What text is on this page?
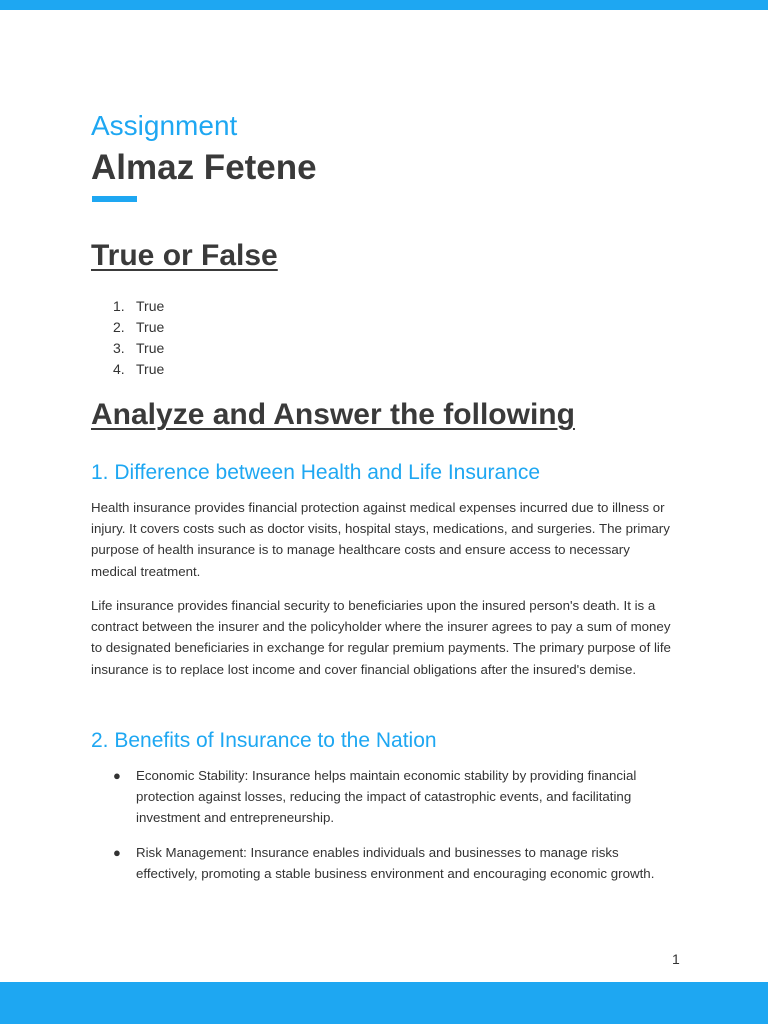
Assignment
Almaz Fetene
True or False
1. True
2. True
3. True
4. True
Analyze and Answer the following
1. Difference between Health and Life Insurance

Health insurance provides financial protection against medical expenses incurred due to illness or injury. It covers costs such as doctor visits, hospital stays, medications, and surgeries. The primary purpose of health insurance is to manage healthcare costs and ensure access to necessary medical treatment.

Life insurance provides financial security to beneficiaries upon the insured person's death. It is a contract between the insurer and the policyholder where the insurer agrees to pay a sum of money to designated beneficiaries in exchange for regular premium payments. The primary purpose of life insurance is to replace lost income and cover financial obligations after the insured's demise.

2. Benefits of Insurance to the Nation
● Economic Stability: Insurance helps maintain economic stability by providing financial protection against losses, reducing the impact of catastrophic events, and facilitating investment and entrepreneurship.
● Risk Management: Insurance enables individuals and businesses to manage risks effectively, promoting a stable business environment and encouraging economic growth.
1
